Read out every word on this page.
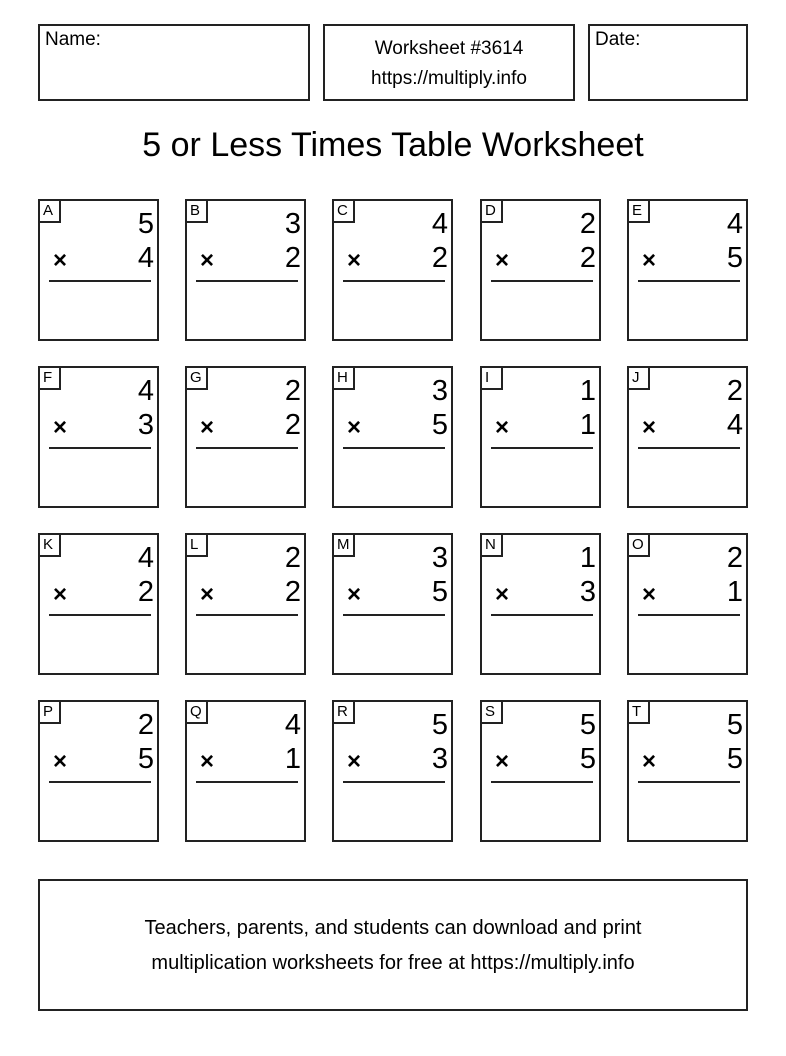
Name:	Worksheet #3614
https://multiply.info
Date:
5 or Less Times Table Worksheet
A	5
× 4
B	3
× 2
C	4
× 2
D	2
× 2
E	4
× 5
F	4
× 3
G	2
× 2
H	3
× 5
I	1
× 1
J	2
× 4
K	4
× 2
L	2
× 2
M	3
× 5
N	1
× 3
O	2
× 1
P	2
× 5
Q	4
× 1
R	5
× 3
S	5
× 5
T	5
× 5
Teachers, parents, and students can download and print
multiplication worksheets for free at https://multiply.info
